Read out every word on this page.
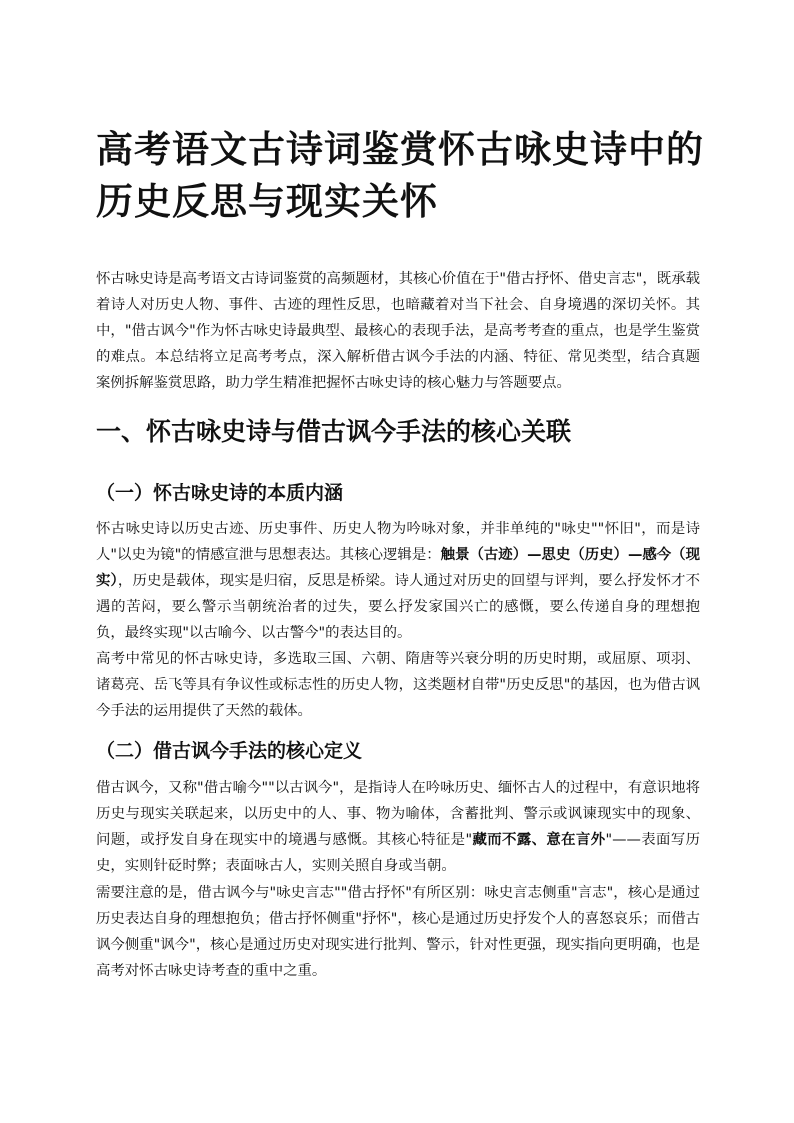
高考语文古诗词鉴赏怀古咏史诗中的历史反思与现实关怀

怀古咏史诗是高考语文古诗词鉴赏的高频题材，其核心价值在于"借古抒怀、借史言志"，既承载着诗人对历史人物、事件、古迹的理性反思，也暗藏着对当下社会、自身境遇的深切关怀。其中，"借古讽今"作为怀古咏史诗最典型、最核心的表现手法，是高考考查的重点，也是学生鉴赏的难点。本总结将立足高考考点，深入解析借古讽今手法的内涵、特征、常见类型，结合真题案例拆解鉴赏思路，助力学生精准把握怀古咏史诗的核心魅力与答题要点。

一、怀古咏史诗与借古讽今手法的核心关联
（一）怀古咏史诗的本质内涵

怀古咏史诗以历史古迹、历史事件、历史人物为吟咏对象，并非单纯的"咏史""怀旧"，而是诗人"以史为镜"的情感宣泄与思想表达。其核心逻辑是：触景（古迹）—思史（历史）—感今（现实），历史是载体，现实是归宿，反思是桥梁。诗人通过对历史的回望与评判，要么抒发怀才不遇的苦闷，要么警示当朝统治者的过失，要么抒发家国兴亡的感慨，要么传递自身的理想抱负，最终实现"以古喻今、以古警今"的表达目的。

高考中常见的怀古咏史诗，多选取三国、六朝、隋唐等兴衰分明的历史时期，或屈原、项羽、诸葛亮、岳飞等具有争议性或标志性的历史人物，这类题材自带"历史反思"的基因，也为借古讽今手法的运用提供了天然的载体。

（二）借古讽今手法的核心定义

借古讽今，又称"借古喻今""以古讽今"，是指诗人在吟咏历史、缅怀古人的过程中，有意识地将历史与现实关联起来，以历史中的人、事、物为喻体，含蓄批判、警示或讽谏现实中的现象、问题，或抒发自身在现实中的境遇与感慨。其核心特征是"藏而不露、意在言外"——表面写历史，实则针砭时弊；表面咏古人，实则关照自身或当朝。

需要注意的是，借古讽今与"咏史言志""借古抒怀"有所区别：咏史言志侧重"言志"，核心是通过历史表达自身的理想抱负；借古抒怀侧重"抒怀"，核心是通过历史抒发个人的喜怒哀乐；而借古讽今侧重"讽今"，核心是通过历史对现实进行批判、警示，针对性更强，现实指向更明确，也是高考对怀古咏史诗考查的重中之重。
